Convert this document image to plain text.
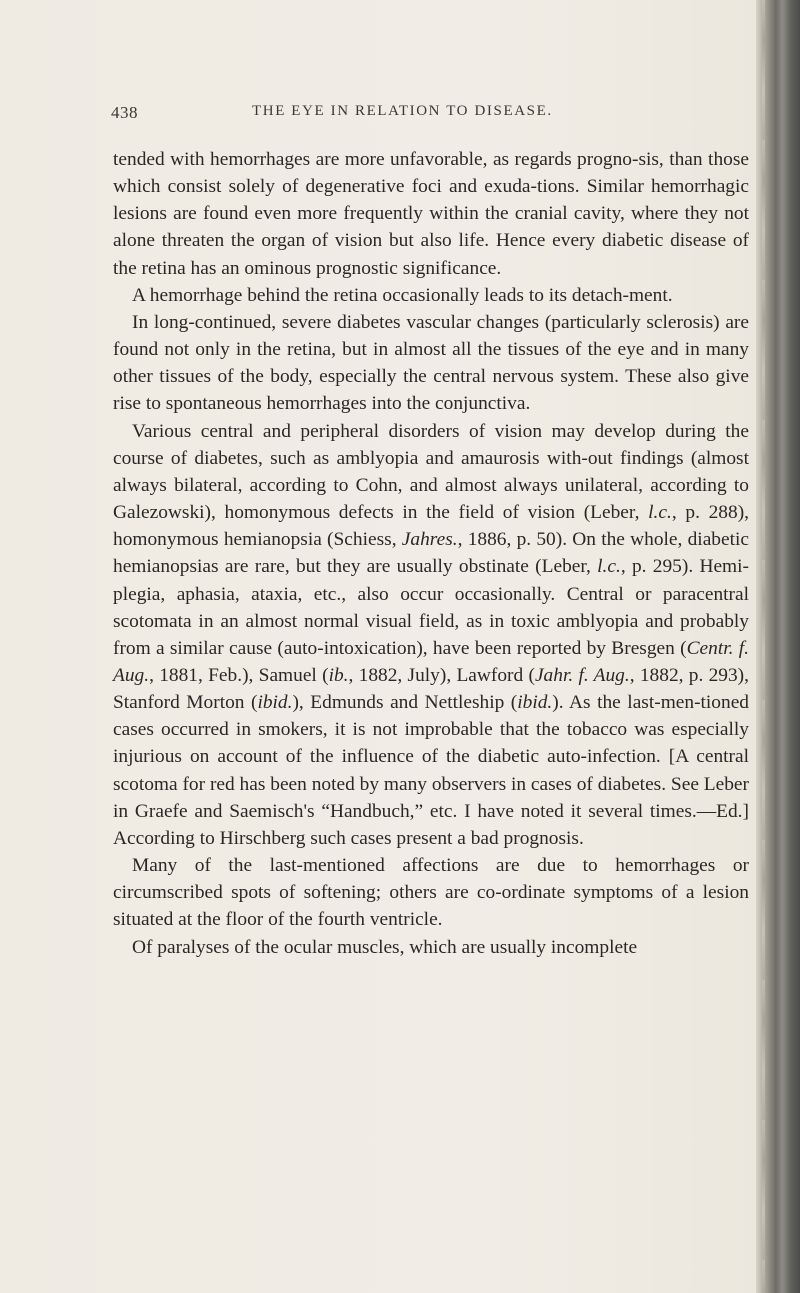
438	THE EYE IN RELATION TO DISEASE.

tended with hemorrhages are more unfavorable, as regards progno-sis, than those which consist solely of degenerative foci and exuda-tions. Similar hemorrhagic lesions are found even more frequently within the cranial cavity, where they not alone threaten the organ of vision but also life. Hence every diabetic disease of the retina has an ominous prognostic significance.

A hemorrhage behind the retina occasionally leads to its detach-ment.

In long-continued, severe diabetes vascular changes (particularly sclerosis) are found not only in the retina, but in almost all the tissues of the eye and in many other tissues of the body, especially the central nervous system. These also give rise to spontaneous hemorrhages into the conjunctiva.

Various central and peripheral disorders of vision may develop during the course of diabetes, such as amblyopia and amaurosis with-out findings (almost always bilateral, according to Cohn, and almost always unilateral, according to Galezowski), homonymous defects in the field of vision (Leber, l.c., p. 288), homonymous hemianopsia (Schiess, Jahres., 1886, p. 50). On the whole, diabetic hemianopsias are rare, but they are usually obstinate (Leber, l.c., p. 295). Hemi-plegia, aphasia, ataxia, etc., also occur occasionally. Central or paracentral scotomata in an almost normal visual field, as in toxic amblyopia and probably from a similar cause (auto-intoxication), have been reported by Bresgen (Centr. f. Aug., 1881, Feb.), Samuel (ib., 1882, July), Lawford (Jahr. f. Aug., 1882, p. 293), Stanford Morton (ibid.), Edmunds and Nettleship (ibid.). As the last-men-tioned cases occurred in smokers, it is not improbable that the tobacco was especially injurious on account of the influence of the diabetic auto-infection. [A central scotoma for red has been noted by many observers in cases of diabetes. See Leber in Graefe and Saemisch's “Handbuch,” etc. I have noted it several times.—Ed.] According to Hirschberg such cases present a bad prognosis.

Many of the last-mentioned affections are due to hemorrhages or circumscribed spots of softening; others are co-ordinate symptoms of a lesion situated at the floor of the fourth ventricle.

Of paralyses of the ocular muscles, which are usually incomplete
